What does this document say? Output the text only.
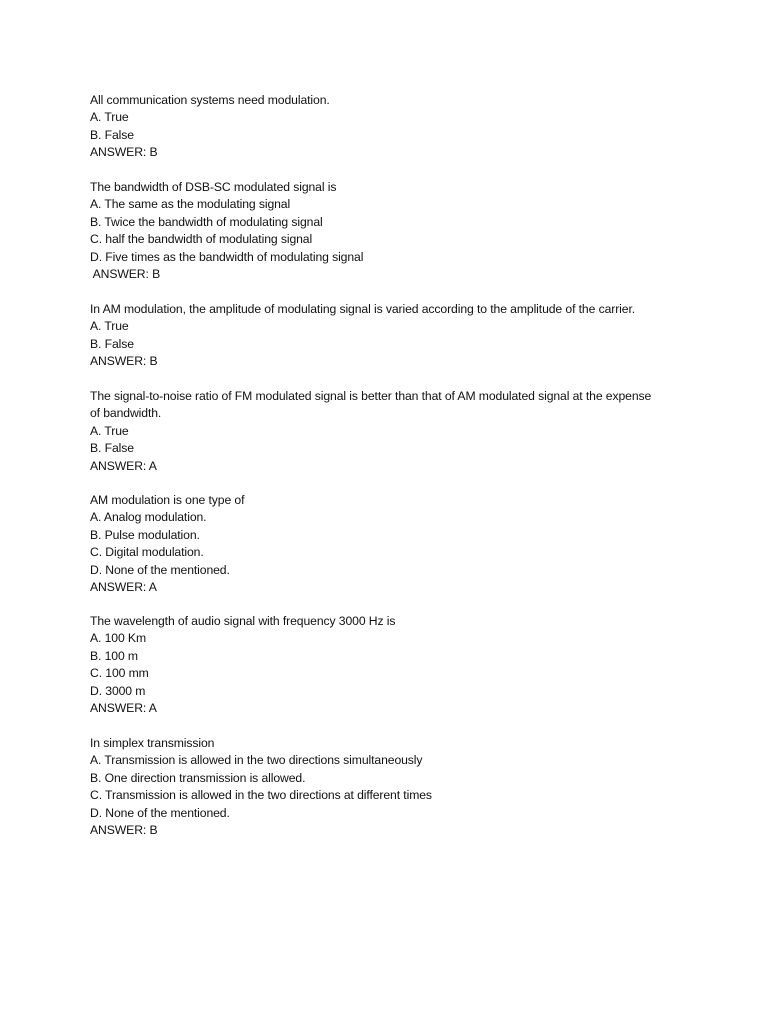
All communication systems need modulation.
A. True
B. False
ANSWER: B
The bandwidth of DSB-SC modulated signal is
A. The same as the modulating signal
B. Twice the bandwidth of modulating signal
C. half the bandwidth of modulating signal
D. Five times as the bandwidth of modulating signal
ANSWER: B
In AM modulation, the amplitude of modulating signal is varied according to the amplitude of the carrier.
A. True
B. False
ANSWER: B
The signal-to-noise ratio of FM modulated signal is better than that of AM modulated signal at the expense
of bandwidth.
A. True
B. False
ANSWER: A
AM modulation is one type of
A. Analog modulation.
B. Pulse modulation.
C. Digital modulation.
D. None of the mentioned.
ANSWER: A
The wavelength of audio signal with frequency 3000 Hz is
A. 100 Km
B. 100 m
C. 100 mm
D. 3000 m
ANSWER: A
In simplex transmission
A. Transmission is allowed in the two directions simultaneously
B. One direction transmission is allowed.
C. Transmission is allowed in the two directions at different times
D. None of the mentioned.
ANSWER: B
